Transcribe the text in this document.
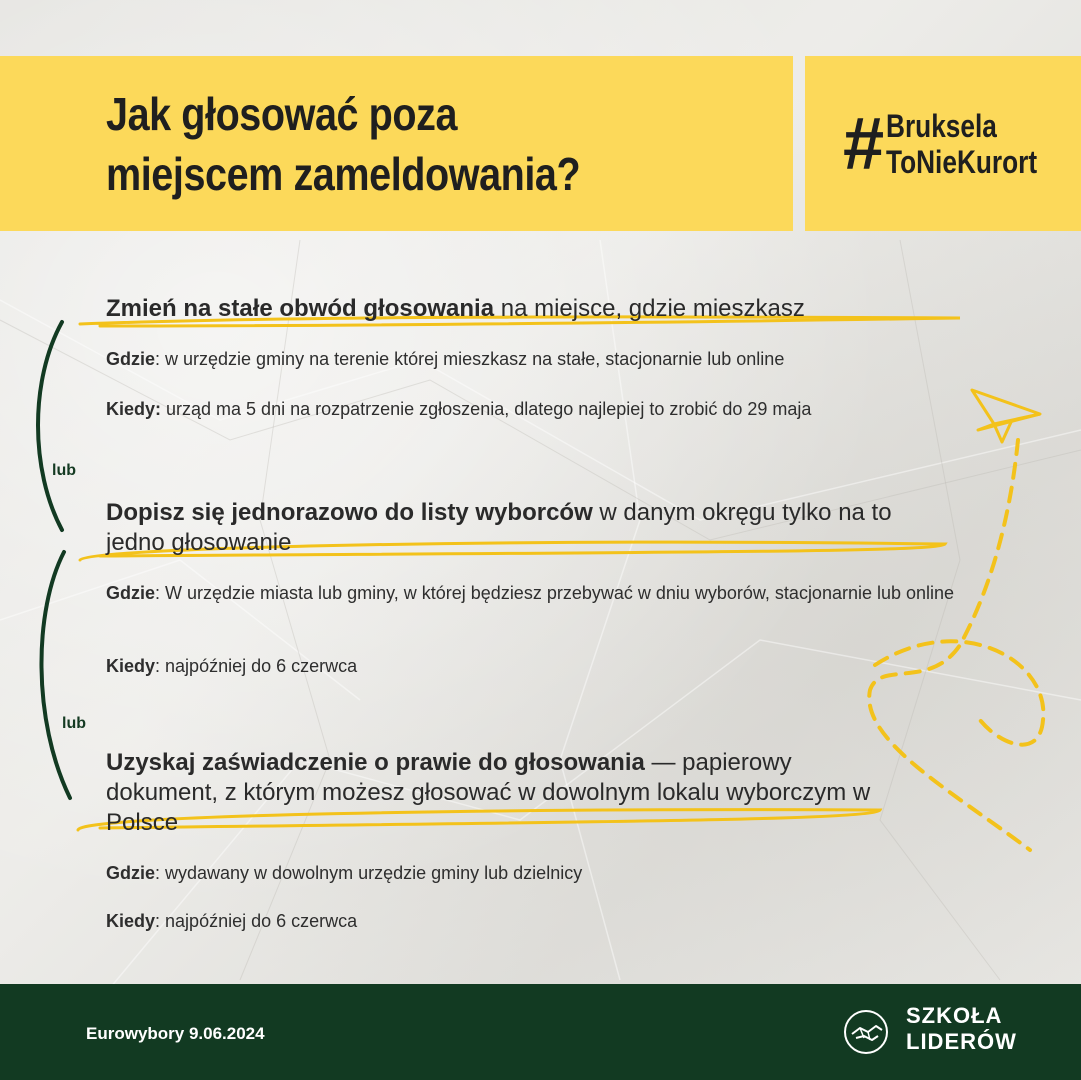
Jak głosować poza
miejscem zameldowania?	# Bruksela
ToNieKurort
Zmień na stałe obwód głosowania na miejsce, gdzie mieszkasz

Gdzie: w urzędzie gminy na terenie której mieszkasz na stałe, stacjonarnie lub online

Kiedy: urząd ma 5 dni na rozpatrzenie zgłoszenia, dlatego najlepiej to zrobić do 29 maja

lub
Dopisz się jednorazowo do listy wyborców w danym okręgu tylko na to jedno głosowanie

Gdzie: W urzędzie miasta lub gminy, w której będziesz przebywać w dniu wyborów, stacjonarnie lub online

Kiedy: najpóźniej do 6 czerwca

lub
Uzyskaj zaświadczenie o prawie do głosowania — papierowy dokument, z którym możesz głosować w dowolnym lokalu wyborczym w Polsce

Gdzie: wydawany w dowolnym urzędzie gminy lub dzielnicy

Kiedy: najpóźniej do 6 czerwca

Eurowybory 9.06.2024
SZKOŁA
LIDERÓW
